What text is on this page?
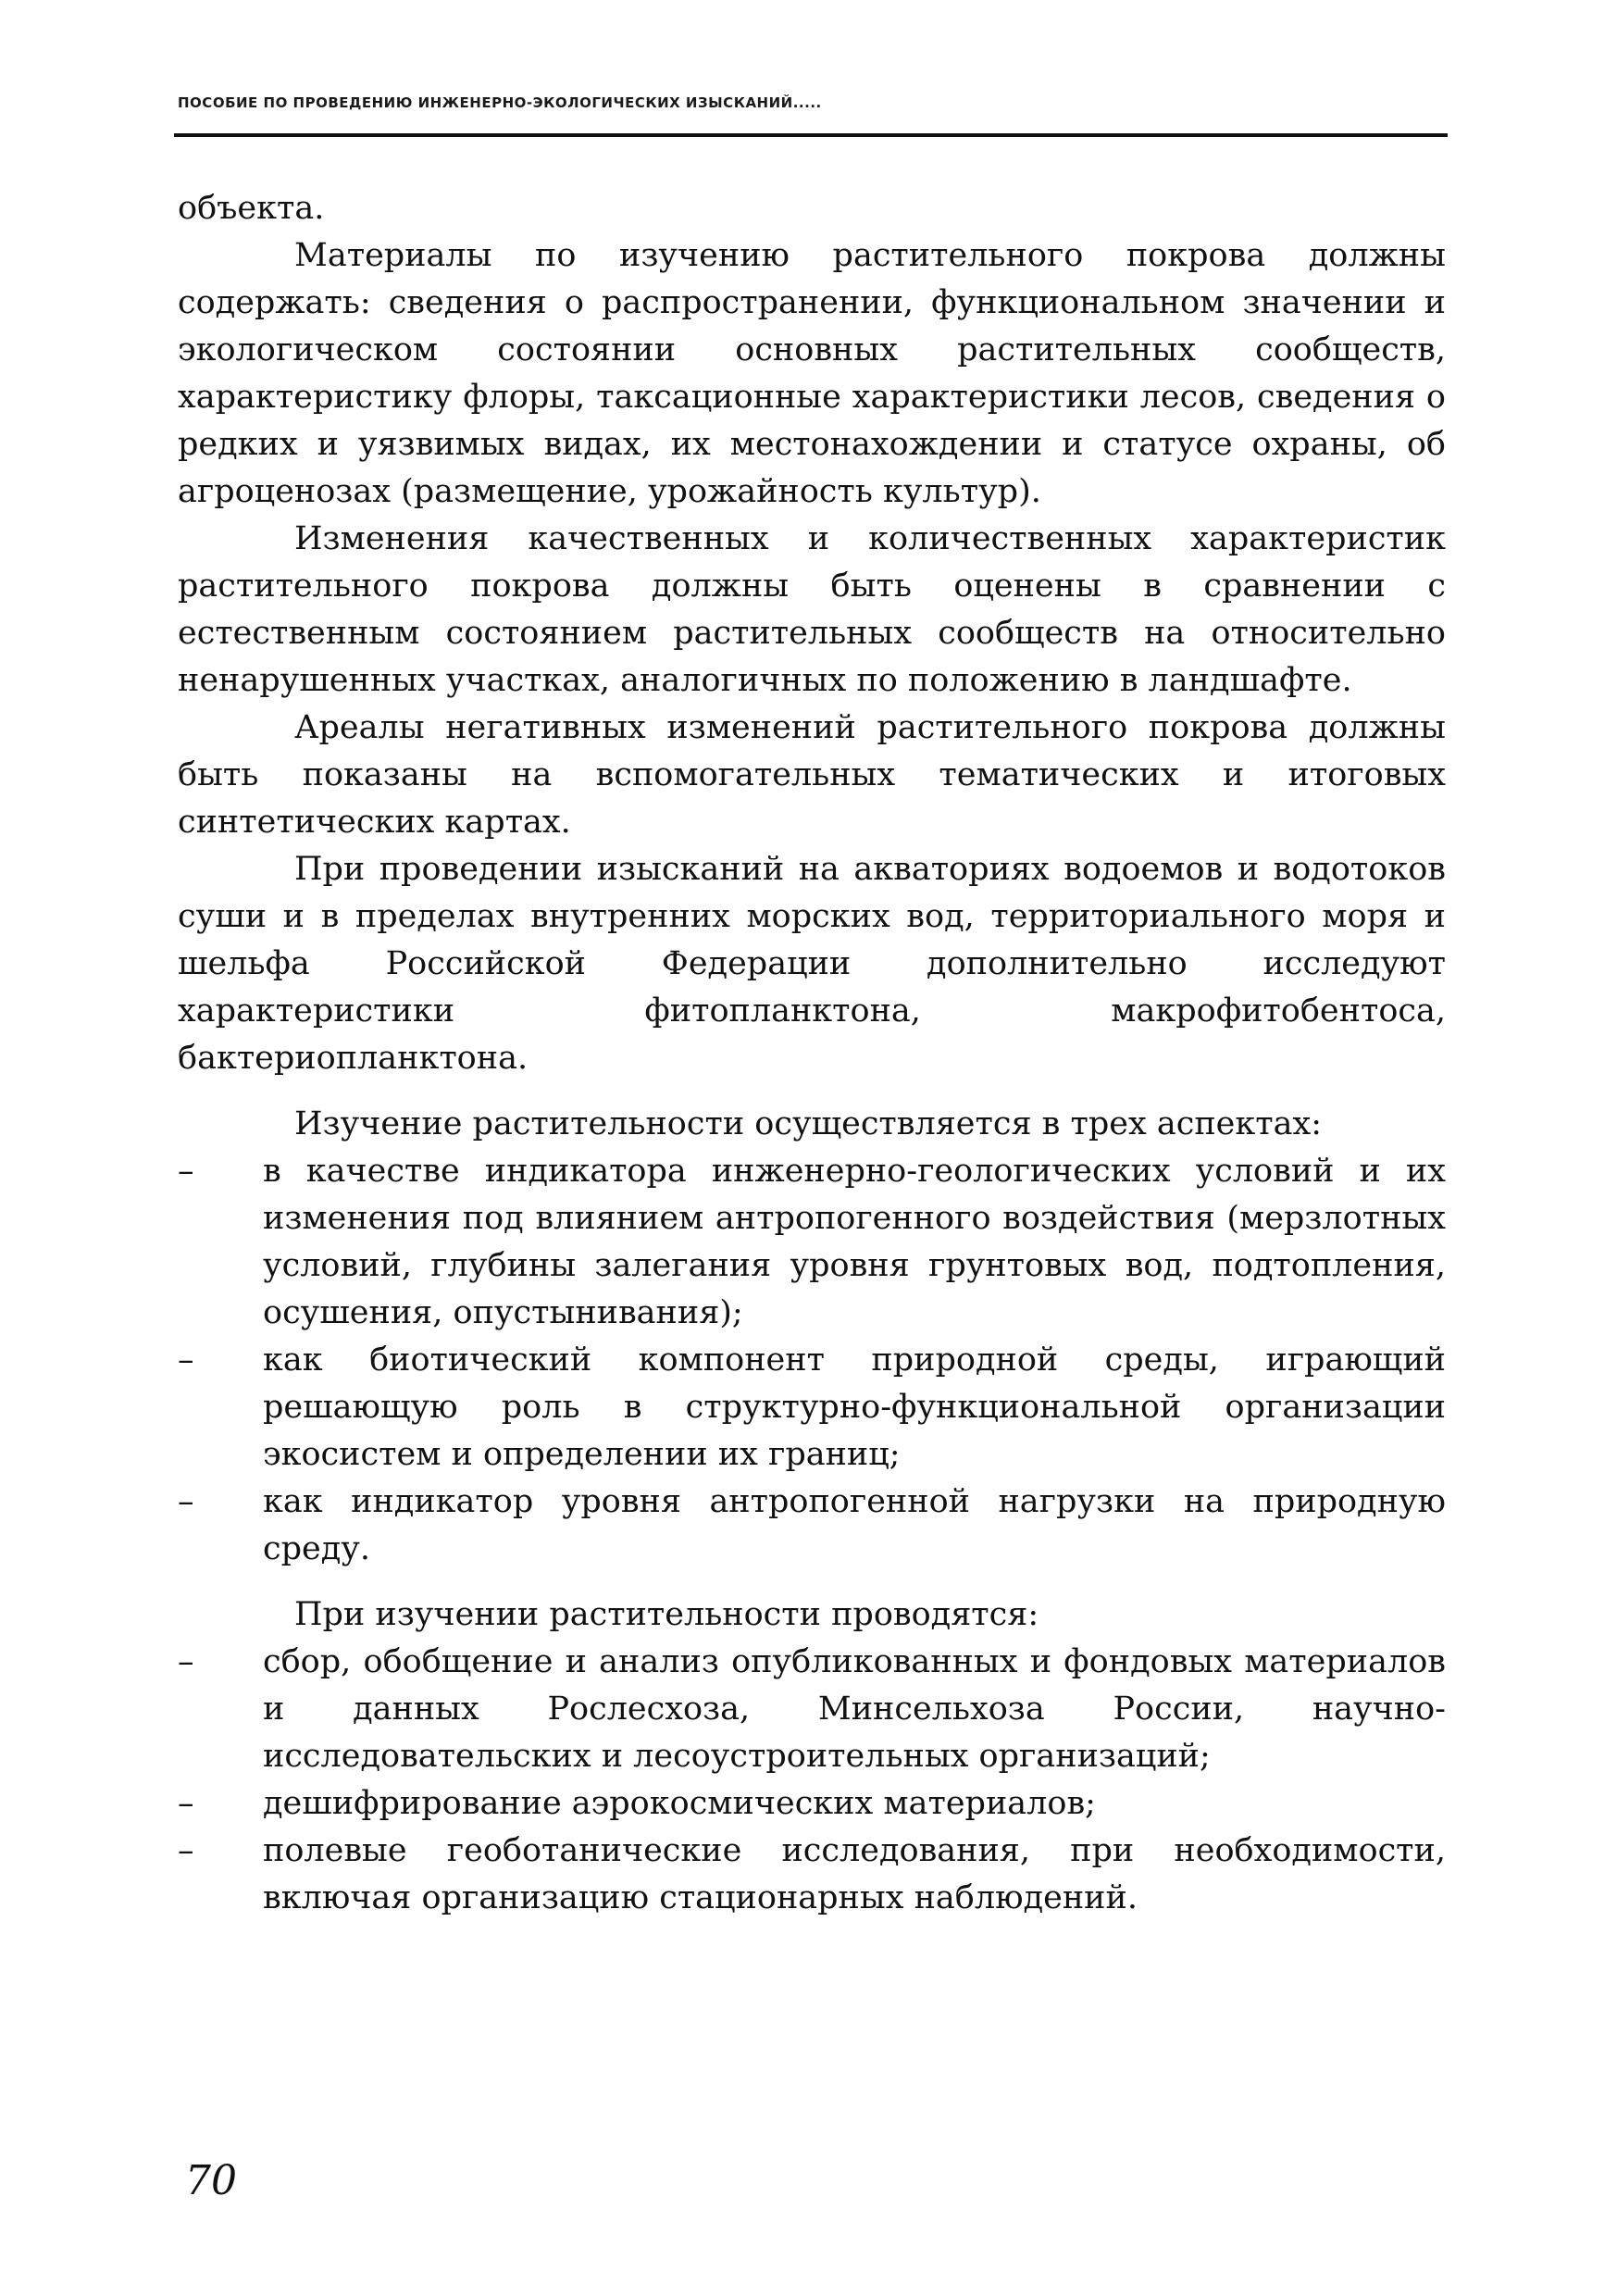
ПОСОБИЕ ПО ПРОВЕДЕНИЮ ИНЖЕНЕРНО-ЭКОЛОГИЧЕСКИХ ИЗЫСКАНИЙ.....

объекта.

Материалы по изучению растительного покрова должны содержать: сведения о распространении, функциональном значении и экологическом состоянии основных растительных сообществ, характеристику флоры, таксационные характеристики лесов, сведения о редких и уязвимых видах, их местонахождении и статусе охраны, об агроценозах (размещение, урожайность культур).

Изменения качественных и количественных характеристик растительного покрова должны быть оценены в сравнении с естественным состоянием растительных сообществ на относительно ненарушенных участках, аналогичных по положению в ландшафте.

Ареалы негативных изменений растительного покрова должны быть показаны на вспомогательных тематических и итоговых синтетических картах.

При проведении изысканий на акваториях водоемов и водотоков суши и в пределах внутренних морских вод, территориального моря и шельфа Российской Федерации дополнительно исследуют характеристики фитопланктона, макрофитобентоса, бактериопланктона.

Изучение растительности осуществляется в трех аспектах:

– в качестве индикатора инженерно-геологических условий и их изменения под влиянием антропогенного воздействия (мерзлотных условий, глубины залегания уровня грунтовых вод, подтопления, осушения, опустынивания);
– как биотический компонент природной среды, играющий решающую роль в структурно-функциональной организации экосистем и определении их границ;
– как индикатор уровня антропогенной нагрузки на природную среду.

При изучении растительности проводятся:

– сбор, обобщение и анализ опубликованных и фондовых материалов и данных Рослесхоза, Минсельхоза России, научно-исследовательских и лесоустроительных организаций;
– дешифрирование аэрокосмических материалов;
– полевые геоботанические исследования, при необходимости, включая организацию стационарных наблюдений.
70
